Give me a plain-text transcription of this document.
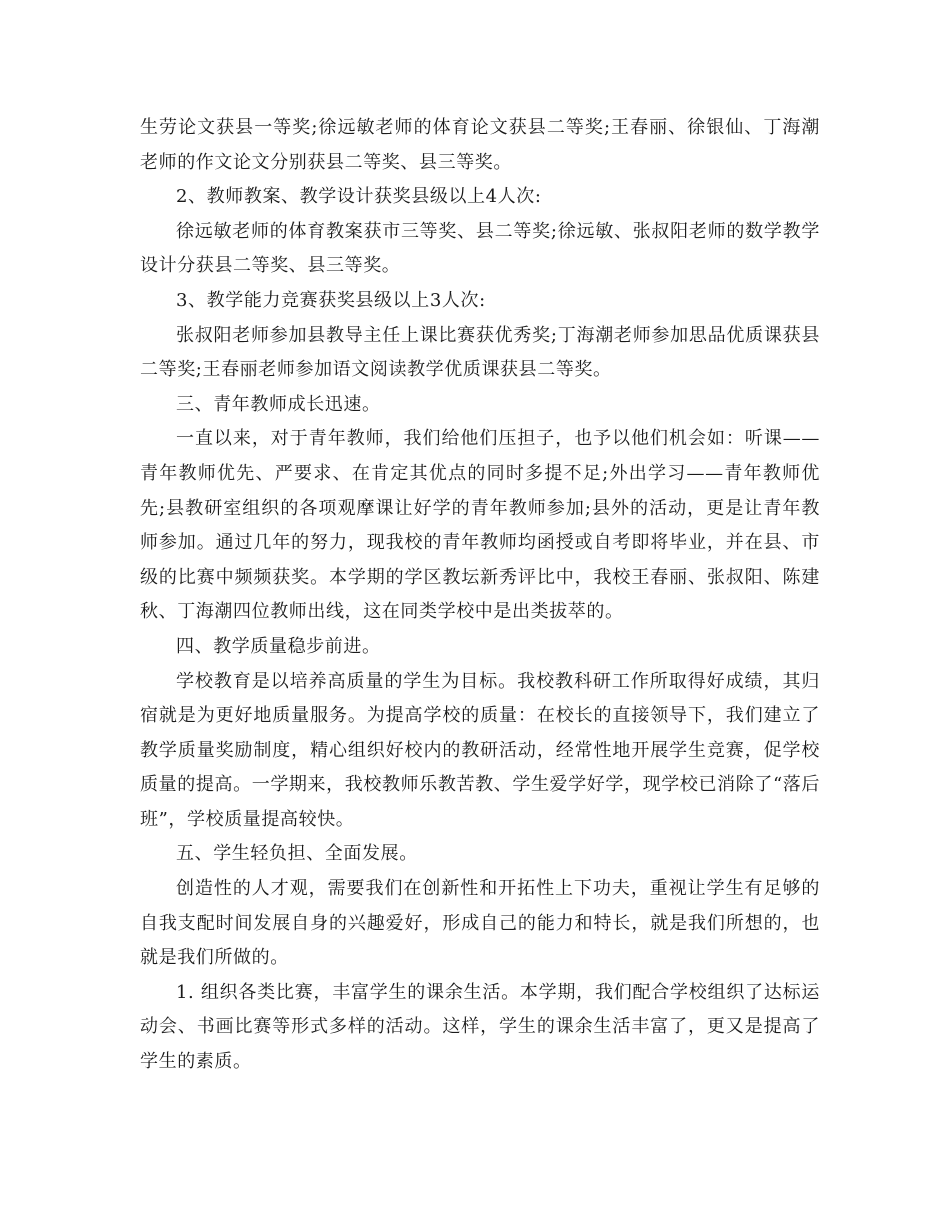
生劳论文获县一等奖;徐远敏老师的体育论文获县二等奖;王春丽、徐银仙、丁海潮老师的作文论文分别获县二等奖、县三等奖。

2、教师教案、教学设计获奖县级以上4人次:

徐远敏老师的体育教案获市三等奖、县二等奖;徐远敏、张叔阳老师的数学教学设计分获县二等奖、县三等奖。

3、教学能力竞赛获奖县级以上3人次:

张叔阳老师参加县教导主任上课比赛获优秀奖;丁海潮老师参加思品优质课获县二等奖;王春丽老师参加语文阅读教学优质课获县二等奖。

三、青年教师成长迅速。

一直以来，对于青年教师，我们给他们压担子，也予以他们机会如：听课——青年教师优先、严要求、在肯定其优点的同时多提不足;外出学习——青年教师优先;县教研室组织的各项观摩课让好学的青年教师参加;县外的活动，更是让青年教师参加。通过几年的努力，现我校的青年教师均函授或自考即将毕业，并在县、市级的比赛中频频获奖。本学期的学区教坛新秀评比中，我校王春丽、张叔阳、陈建秋、丁海潮四位教师出线，这在同类学校中是出类拔萃的。

四、教学质量稳步前进。

学校教育是以培养高质量的学生为目标。我校教科研工作所取得好成绩，其归宿就是为更好地质量服务。为提高学校的质量：在校长的直接领导下，我们建立了教学质量奖励制度，精心组织好校内的教研活动，经常性地开展学生竞赛，促学校质量的提高。一学期来，我校教师乐教苦教、学生爱学好学，现学校已消除了“落后班”，学校质量提高较快。

五、学生轻负担、全面发展。

创造性的人才观，需要我们在创新性和开拓性上下功夫，重视让学生有足够的自我支配时间发展自身的兴趣爱好，形成自己的能力和特长，就是我们所想的，也就是我们所做的。

1. 组织各类比赛，丰富学生的课余生活。本学期，我们配合学校组织了达标运动会、书画比赛等形式多样的活动。这样，学生的课余生活丰富了，更又是提高了学生的素质。
